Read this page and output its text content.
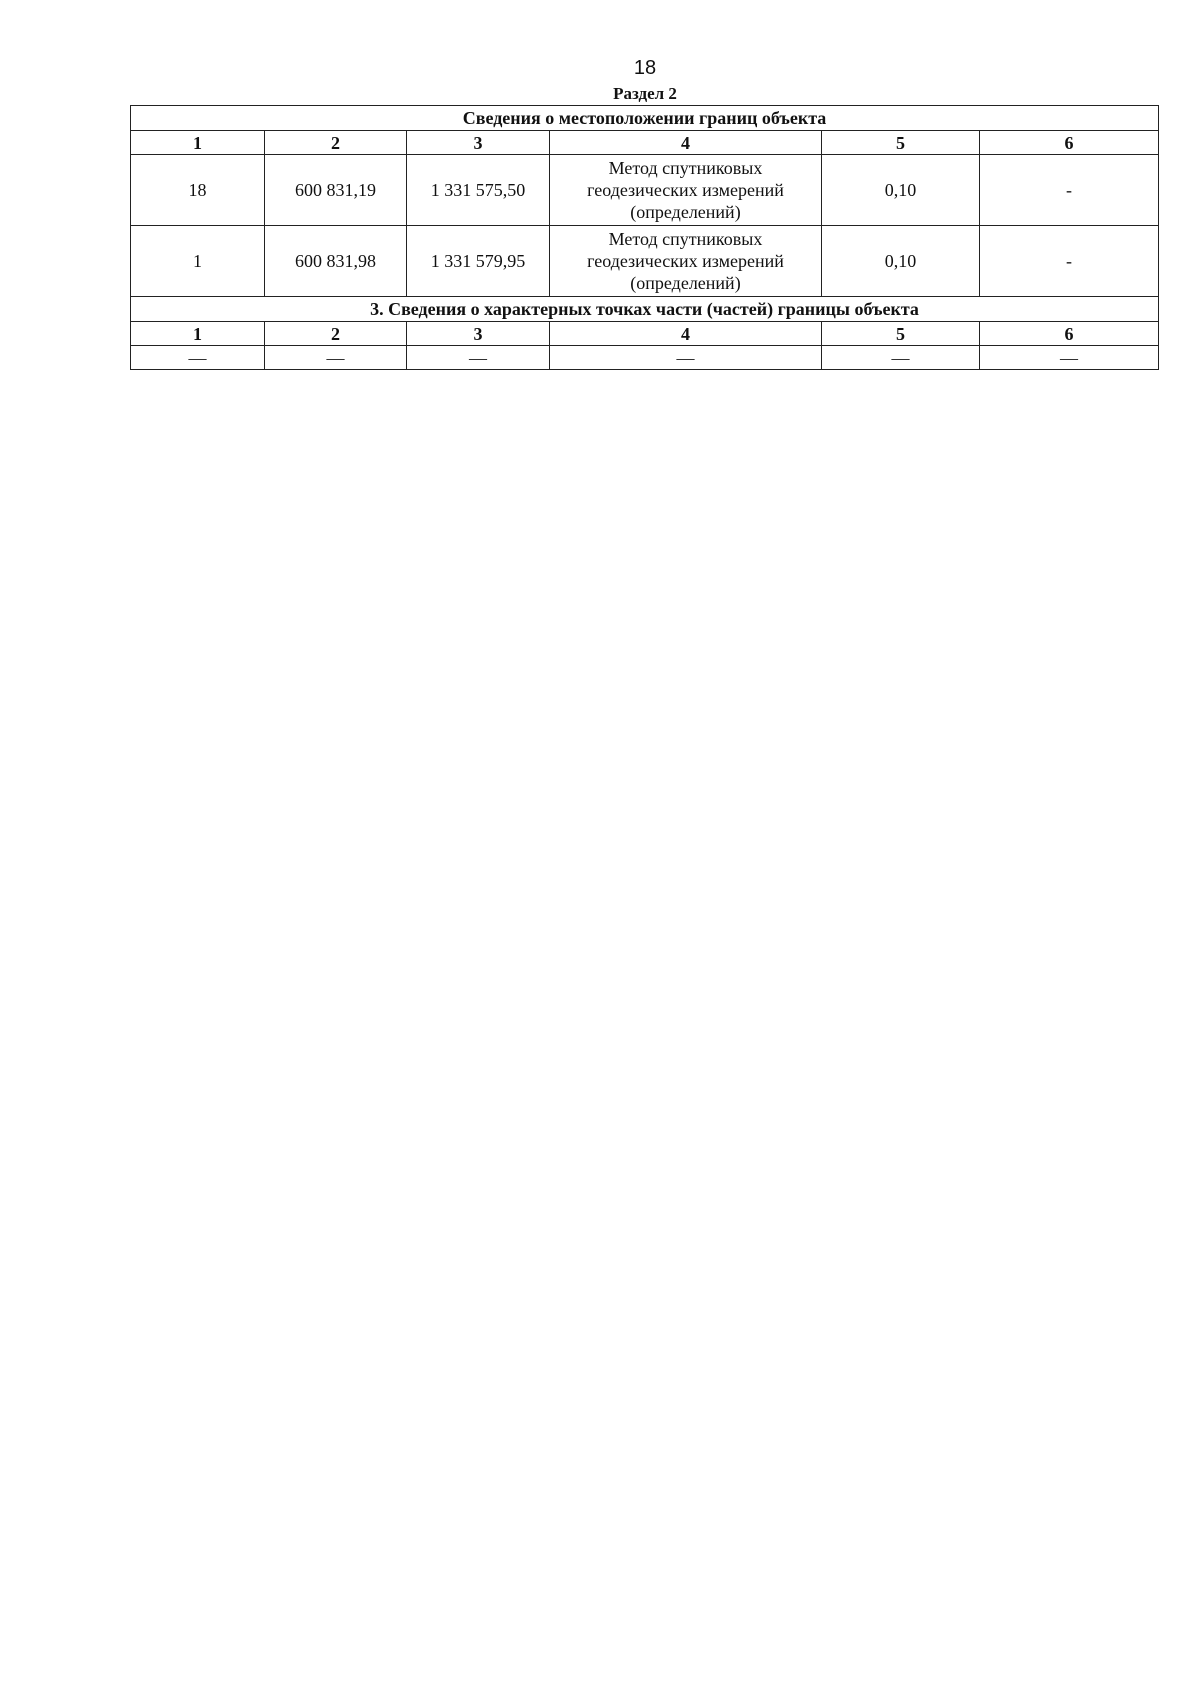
18
Раздел 2
Сведения о местоположении границ объекта					
1	2	3	4	5	6
18	600 831,19	1 331 575,50	Метод спутниковых
геодезических измерений
(определений)	0,10	-
1	600 831,98	1 331 579,95	Метод спутниковых
геодезических измерений
(определений)	0,10	-
3. Сведения о характерных точках части (частей) границы объекта					
1	2	3	4	5	6
—	—	—	—	—	—
